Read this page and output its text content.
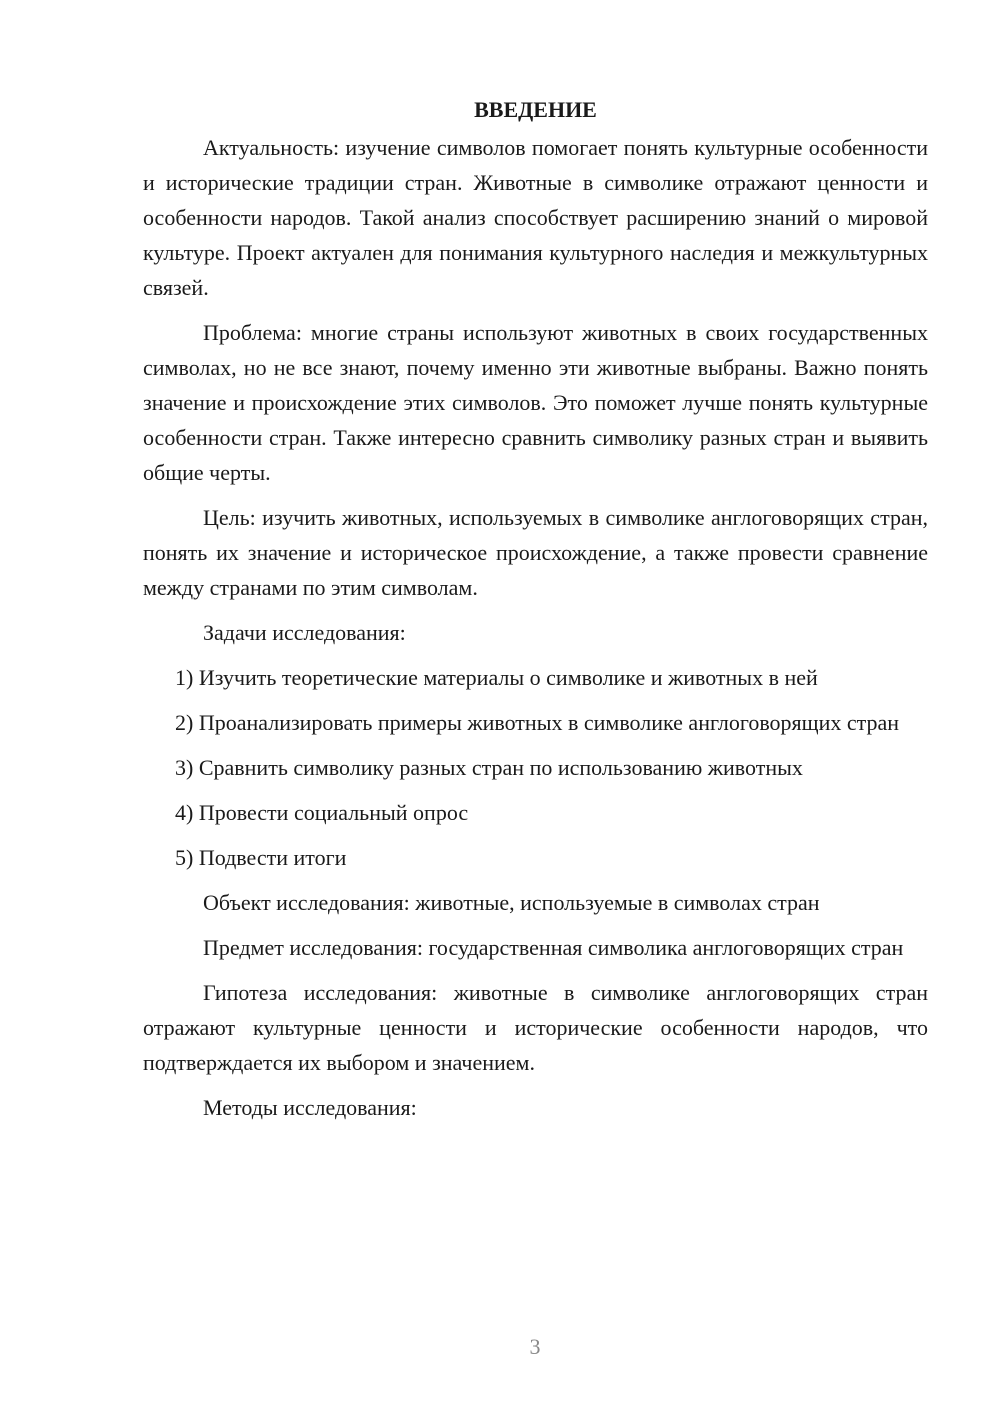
ВВЕДЕНИЕ

Актуальность: изучение символов помогает понять культурные особенности и исторические традиции стран. Животные в символике отражают ценности и особенности народов. Такой анализ способствует расширению знаний о мировой культуре. Проект актуален для понимания культурного наследия и межкультурных связей.

Проблема: многие страны используют животных в своих государственных символах, но не все знают, почему именно эти животные выбраны. Важно понять значение и происхождение этих символов. Это поможет лучше понять культурные особенности стран. Также интересно сравнить символику разных стран и выявить общие черты.

Цель: изучить животных, используемых в символике англоговорящих стран, понять их значение и историческое происхождение, а также провести сравнение между странами по этим символам.

Задачи исследования:

1) Изучить теоретические материалы о символике и животных в ней

2) Проанализировать примеры животных в символике англоговорящих стран

3) Сравнить символику разных стран по использованию животных

4) Провести социальный опрос

5) Подвести итоги

Объект исследования: животные, используемые в символах стран

Предмет исследования: государственная символика англоговорящих стран

Гипотеза исследования: животные в символике англоговорящих стран отражают культурные ценности и исторические особенности народов, что подтверждается их выбором и значением.

Методы исследования:

3
